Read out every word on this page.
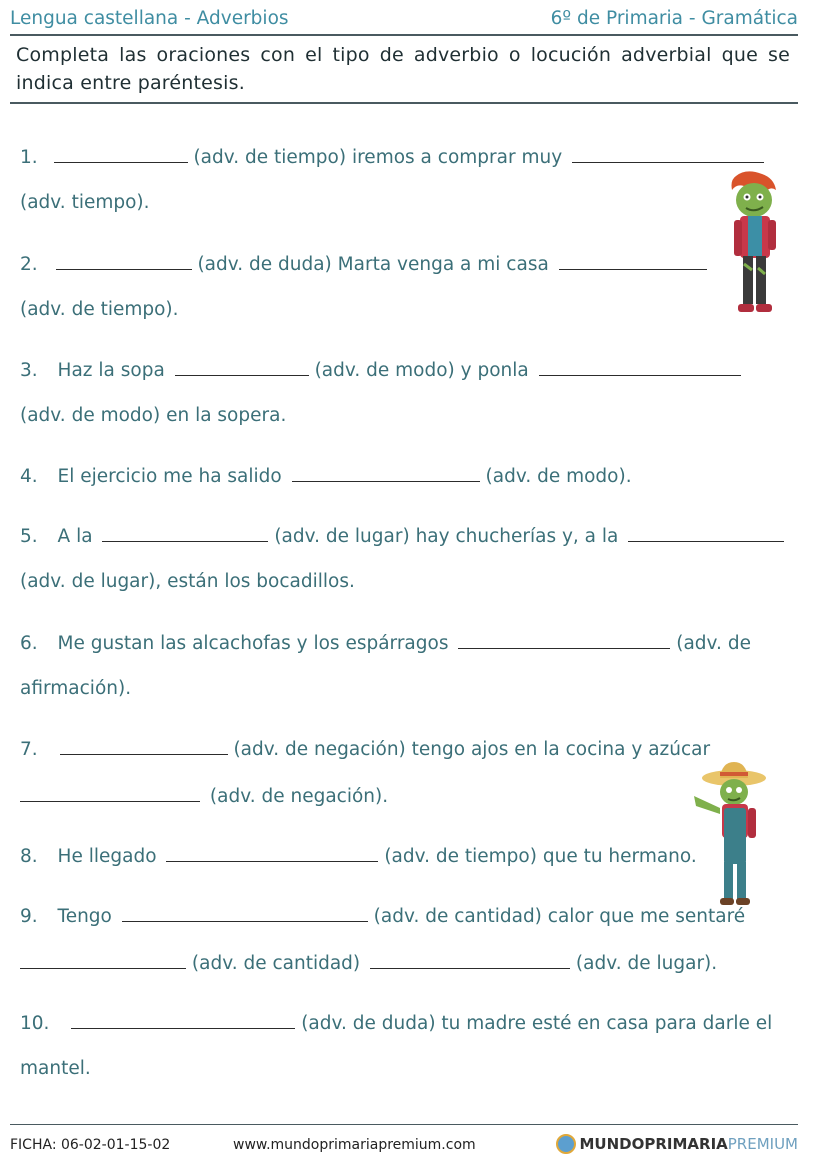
Lengua castellana - Adverbios	6º de Primaria - Gramática
Completa las oraciones con el tipo de adverbio o locución adverbial que se indica entre paréntesis.
1.	(adv. de tiempo) iremos a comprar muy
(adv. tiempo).
2.	(adv. de duda) Marta venga a mi casa
(adv. de tiempo).
3. Haz la sopa	(adv. de modo) y ponla
(adv. de modo) en la sopera.
4. El ejercicio me ha salido	(adv. de modo).
5. A la	(adv. de lugar) hay chucherías y, a la
(adv. de lugar), están los bocadillos.
6. Me gustan las alcachofas y los espárragos	(adv. de
afirmación).
7.	(adv. de negación) tengo ajos en la cocina y azúcar
(adv. de negación).
8. He llegado	(adv. de tiempo) que tu hermano.
9. Tengo	(adv. de cantidad) calor que me sentaré
(adv. de cantidad)	(adv. de lugar).
10.	(adv. de duda) tu madre esté en casa para darle el
mantel.
FICHA: 06-02-01-15-02	www.mundoprimariapremium.com	MUNDOPRIMARIA PREMIUM
